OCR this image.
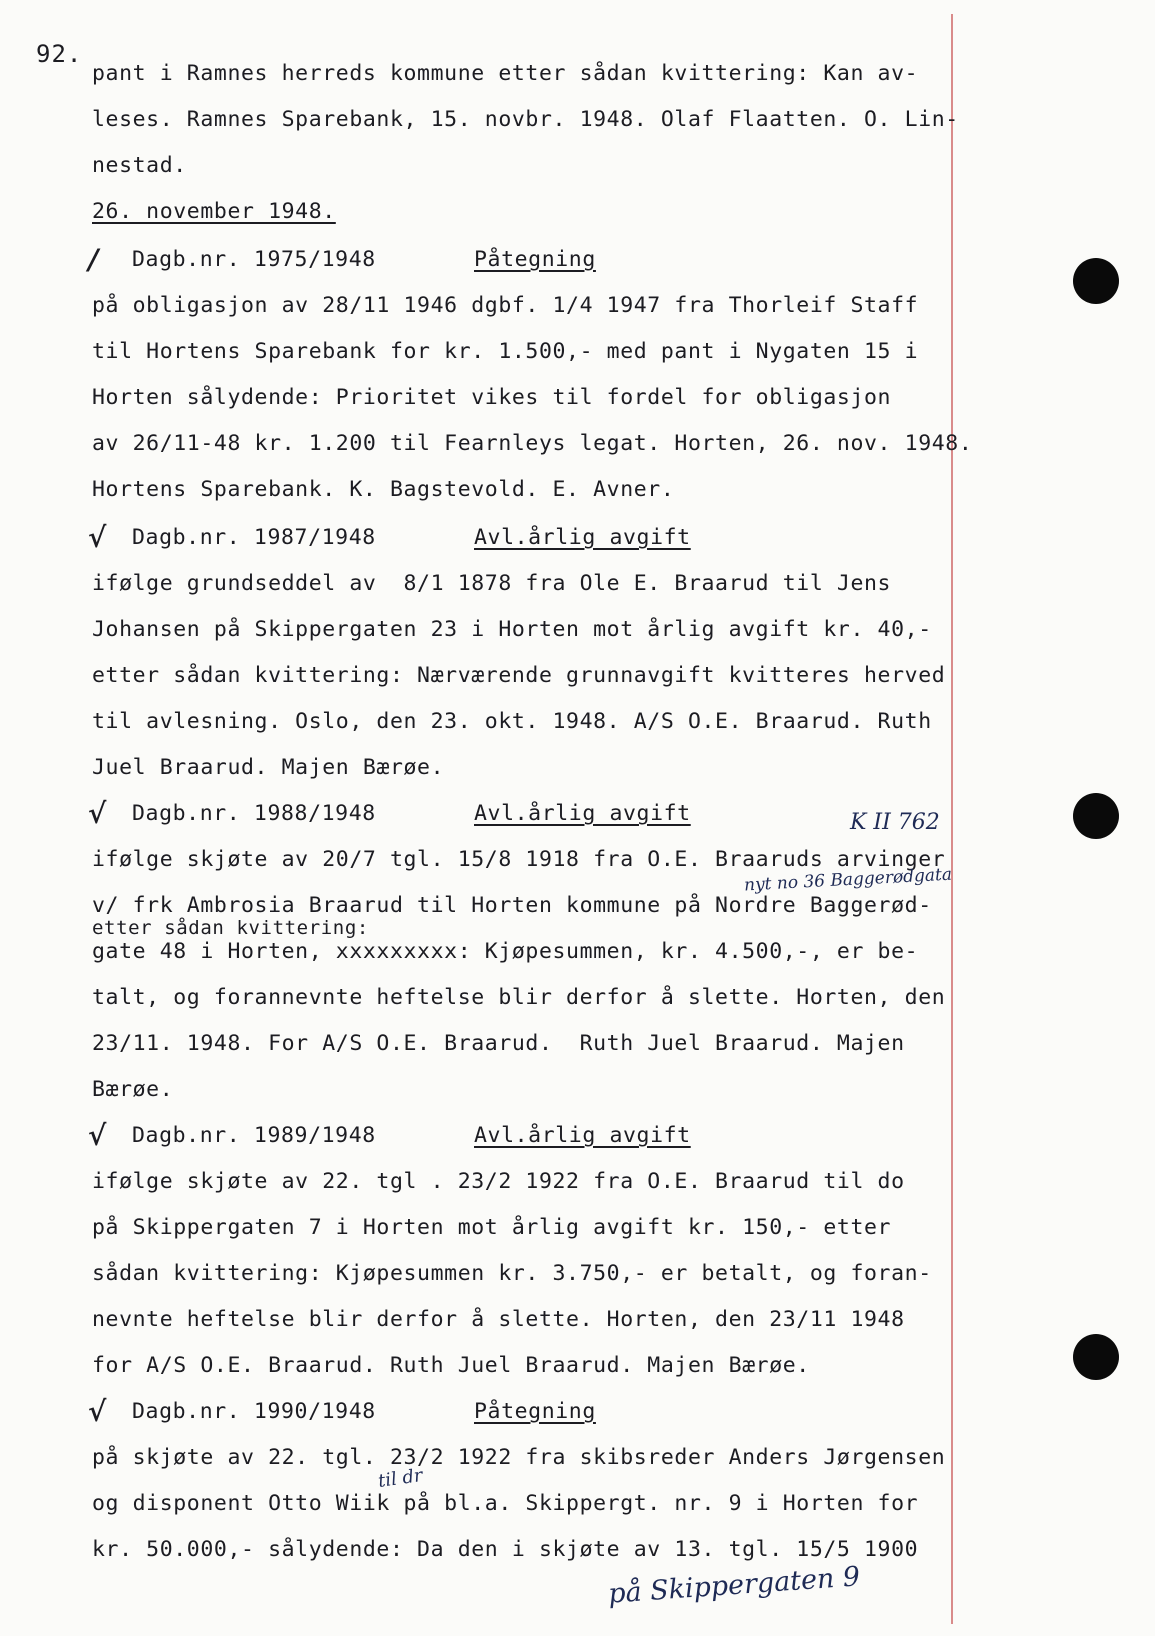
92.
pant i Ramnes herreds kommune etter sådan kvittering: Kan av-
leses. Ramnes Sparebank, 15. novbr. 1948. Olaf Flaatten. O. Lin-
nestad.
26. november 1948.
/ Dagb.nr. 1975/1948	Påtegning
på obligasjon av 28/11 1946 dgbf. 1/4 1947 fra Thorleif Staff
til Hortens Sparebank for kr. 1.500,- med pant i Nygaten 15 i
Horten sålydende: Prioritet vikes til fordel for obligasjon
av 26/11-48 kr. 1.200 til Fearnleys legat. Horten, 26. nov. 1948.
Hortens Sparebank. K. Bagstevold. E. Avner.
√ Dagb.nr. 1987/1948	Avl.årlig avgift
ifølge grundseddel av  8/1 1878 fra Ole E. Braarud til Jens
Johansen på Skippergaten 23 i Horten mot årlig avgift kr. 40,-
etter sådan kvittering: Nærværende grunnavgift kvitteres herved
til avlesning. Oslo, den 23. okt. 1948. A/S O.E. Braarud. Ruth
Juel Braarud. Majen Bærøe.
√ Dagb.nr. 1988/1948	Avl.årlig avgift	K II 762
ifølge skjøte av 20/7 tgl. 15/8 1918 fra O.E. Braaruds arvinger
nyt no 36 Baggerødgata
v/ frk Ambrosia Braarud til Horten kommune på Nordre Baggerød-
etter sådan kvittering:
gate 48 i Horten, xxxxxxxxx: Kjøpesummen, kr. 4.500,-, er be-
talt, og forannevnte heftelse blir derfor å slette. Horten, den
23/11. 1948. For A/S O.E. Braarud.  Ruth Juel Braarud. Majen
Bærøe.
√ Dagb.nr. 1989/1948	Avl.årlig avgift
ifølge skjøte av 22. tgl . 23/2 1922 fra O.E. Braarud til do
på Skippergaten 7 i Horten mot årlig avgift kr. 150,- etter
sådan kvittering: Kjøpesummen kr. 3.750,- er betalt, og foran-
nevnte heftelse blir derfor å slette. Horten, den 23/11 1948
for A/S O.E. Braarud. Ruth Juel Braarud. Majen Bærøe.
√ Dagb.nr. 1990/1948	Påtegning
på skjøte av 22. tgl. 23/2 1922 fra skibsreder Anders Jørgensen
til dr
og disponent Otto Wiik på bl.a. Skippergt. nr. 9 i Horten for
kr. 50.000,- sålydende: Da den i skjøte av 13. tgl. 15/5 1900
på Skippergaten 9
